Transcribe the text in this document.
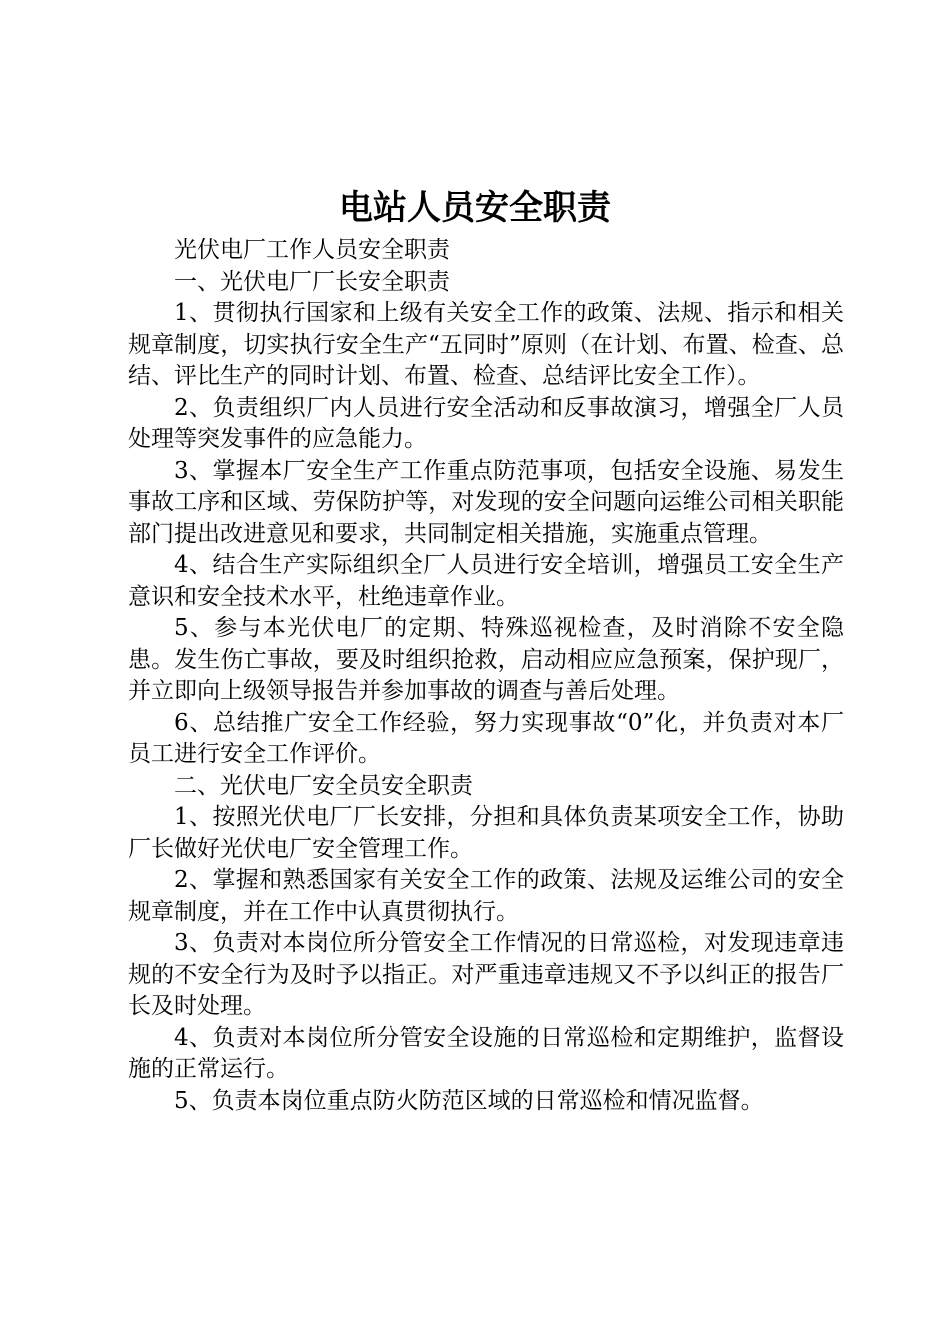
电站人员安全职责

光伏电厂工作人员安全职责

一、光伏电厂厂长安全职责

1、贯彻执行国家和上级有关安全工作的政策、法规、指示和相关规章制度，切实执行安全生产“五同时”原则（在计划、布置、检查、总结、评比生产的同时计划、布置、检查、总结评比安全工作）。

2、负责组织厂内人员进行安全活动和反事故演习，增强全厂人员处理等突发事件的应急能力。

3、掌握本厂安全生产工作重点防范事项，包括安全设施、易发生事故工序和区域、劳保防护等，对发现的安全问题向运维公司相关职能部门提出改进意见和要求，共同制定相关措施，实施重点管理。

4、结合生产实际组织全厂人员进行安全培训，增强员工安全生产意识和安全技术水平，杜绝违章作业。

5、参与本光伏电厂的定期、特殊巡视检查，及时消除不安全隐患。发生伤亡事故，要及时组织抢救，启动相应应急预案，保护现厂，并立即向上级领导报告并参加事故的调查与善后处理。

6、总结推广安全工作经验，努力实现事故“0”化，并负责对本厂员工进行安全工作评价。

二、光伏电厂安全员安全职责

1、按照光伏电厂厂长安排，分担和具体负责某项安全工作，协助厂长做好光伏电厂安全管理工作。

2、掌握和熟悉国家有关安全工作的政策、法规及运维公司的安全规章制度，并在工作中认真贯彻执行。

3、负责对本岗位所分管安全工作情况的日常巡检，对发现违章违规的不安全行为及时予以指正。对严重违章违规又不予以纠正的报告厂长及时处理。

4、负责对本岗位所分管安全设施的日常巡检和定期维护，监督设施的正常运行。

5、负责本岗位重点防火防范区域的日常巡检和情况监督。
